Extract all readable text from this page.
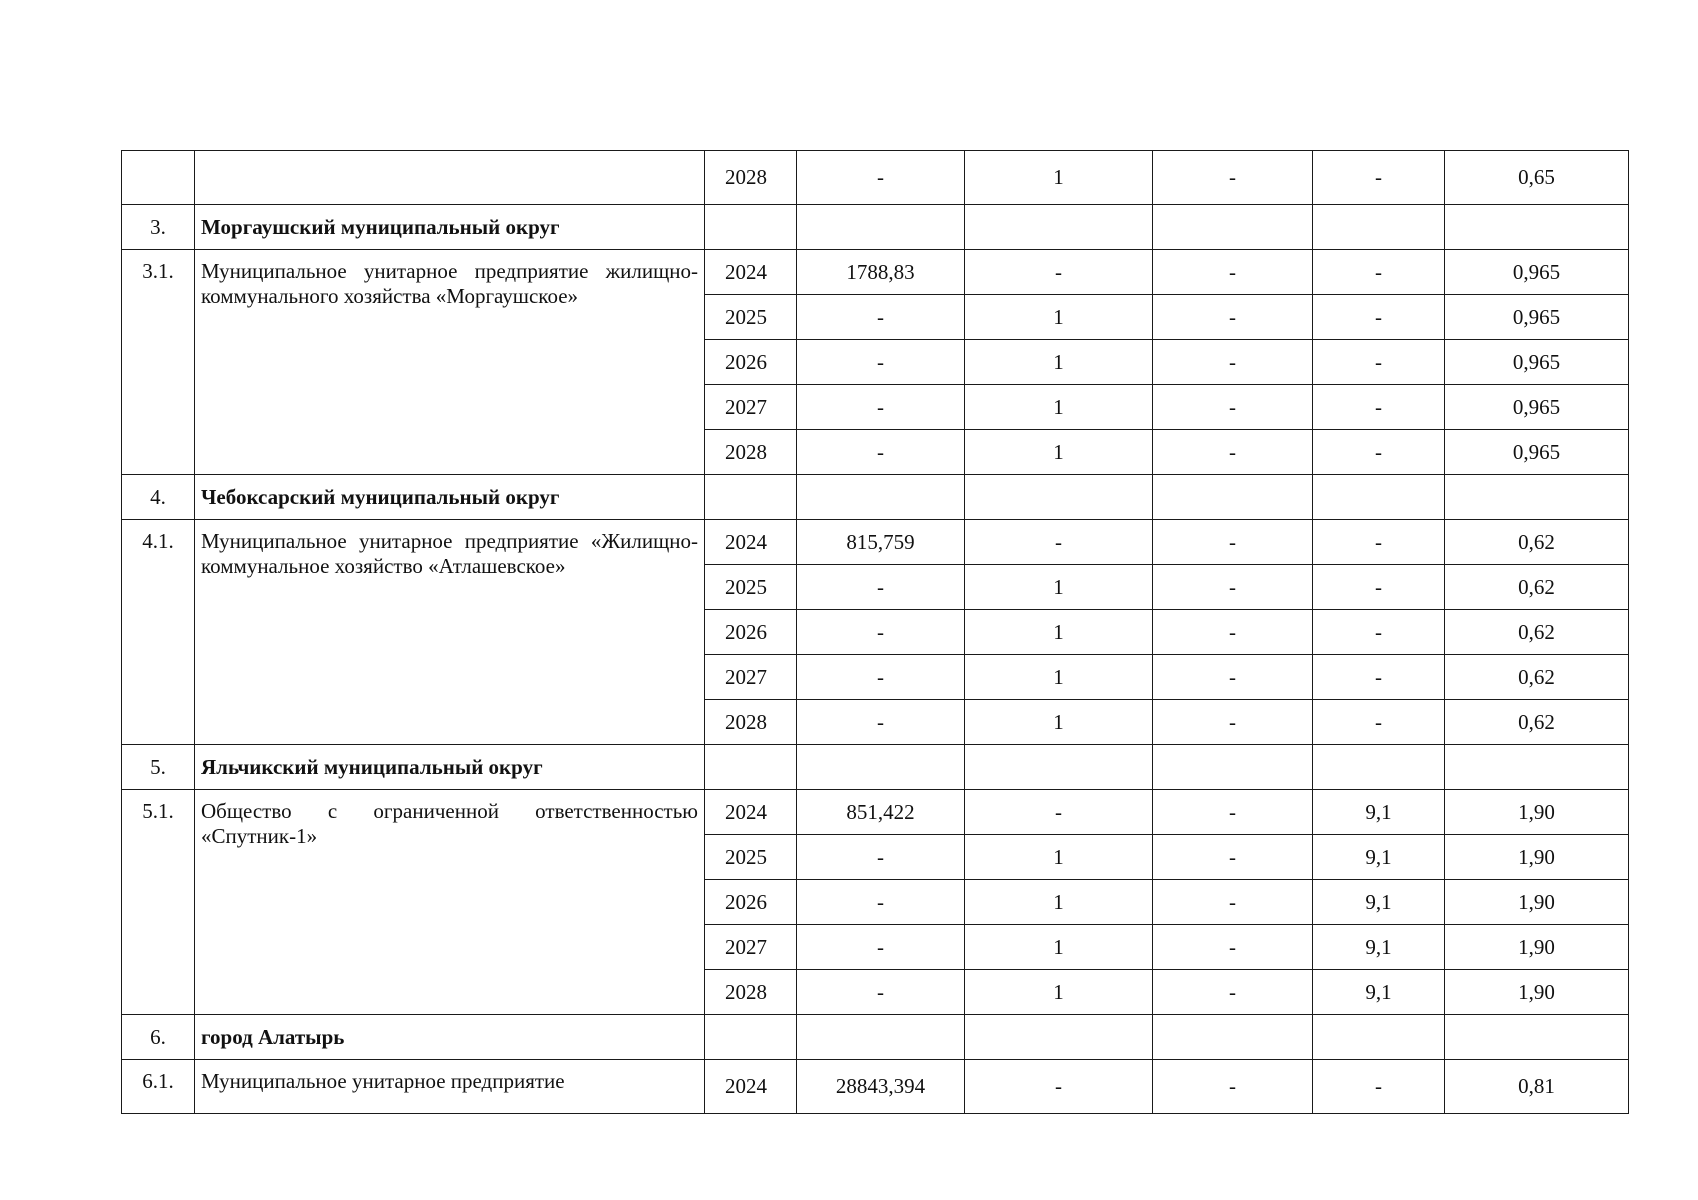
		2028	-	1	-	-	0,65
3.	Моргаушский муниципальный округ						
3.1.	Муниципальное унитарное предприятие жилищно-коммунального хозяйства «Моргаушское»	2024	1788,83	-	-	-	0,965
		2025	-	1	-	-	0,965
		2026	-	1	-	-	0,965
		2027	-	1	-	-	0,965
		2028	-	1	-	-	0,965
4.	Чебоксарский муниципальный округ						
4.1.	Муниципальное унитарное предприятие «Жилищно-коммунальное хозяйство «Атлашевское»	2024	815,759	-	-	-	0,62
		2025	-	1	-	-	0,62
		2026	-	1	-	-	0,62
		2027	-	1	-	-	0,62
		2028	-	1	-	-	0,62
5.	Яльчикский муниципальный округ						
5.1.	Общество с ограниченной ответственностью «Спутник-1»	2024	851,422	-	-	9,1	1,90
		2025	-	1	-	9,1	1,90
		2026	-	1	-	9,1	1,90
		2027	-	1	-	9,1	1,90
		2028	-	1	-	9,1	1,90
6.	город Алатырь						
6.1.	Муниципальное унитарное предприятие	2024	28843,394	-	-	-	0,81
